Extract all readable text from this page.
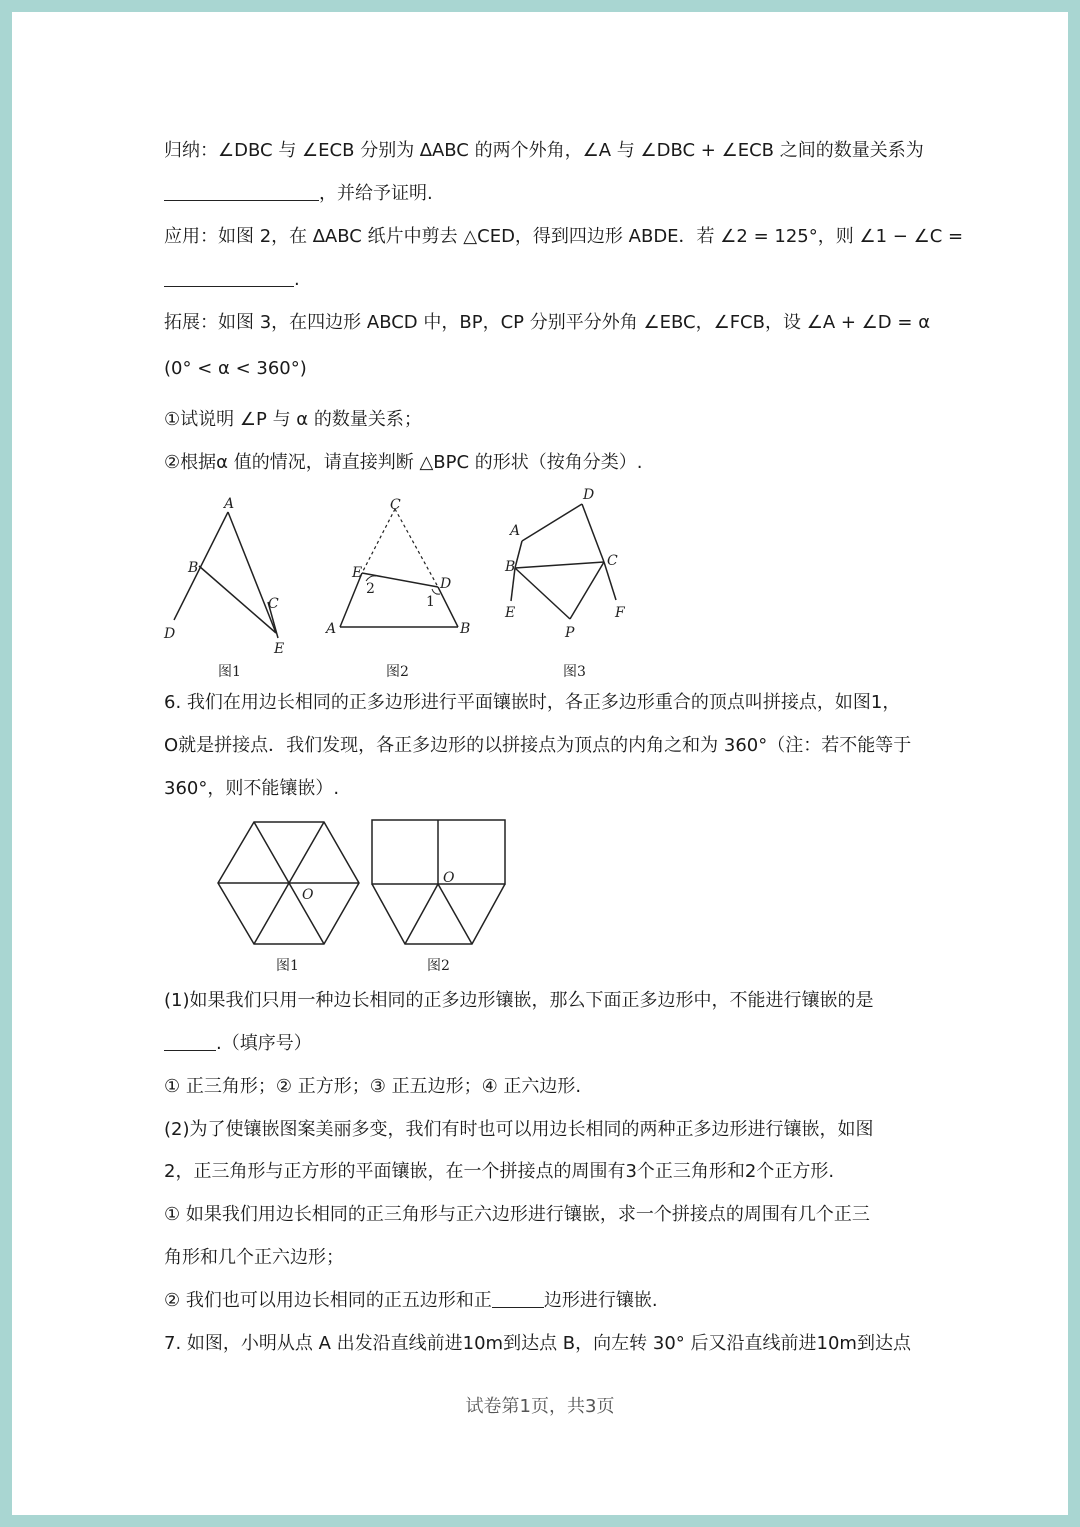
归纳：∠DBC 与 ∠ECB 分别为 ∆ABC 的两个外角，∠A 与 ∠DBC + ∠ECB 之间的数量关系为
，并给予证明.
应用：如图 2，在 ∆ABC 纸片中剪去 △CED，得到四边形 ABDE．若 ∠2 = 125°，则 ∠1 − ∠C =
.
拓展：如图 3，在四边形 ABCD 中，BP，CP 分别平分外角 ∠EBC，∠FCB，设 ∠A + ∠D = α
(0° < α < 360°)
①试说明 ∠P 与 α 的数量关系；
②根据α 值的情况，请直接判断 △BPC 的形状（按角分类）.
A
B
C
D
E
图1
C
E
D
A	B
2
1
图2
D
A
B	C
E	F
P
图3
6. 我们在用边长相同的正多边形进行平面镶嵌时，各正多边形重合的顶点叫拼接点，如图1，
O就是拼接点．我们发现，各正多边形的以拼接点为顶点的内角之和为 360°（注：若不能等于
360°，则不能镶嵌）.
O
图1
O
图2
(1)如果我们只用一种边长相同的正多边形镶嵌，那么下面正多边形中，不能进行镶嵌的是
.（填序号）
① 正三角形；② 正方形；③ 正五边形；④ 正六边形.
(2)为了使镶嵌图案美丽多变，我们有时也可以用边长相同的两种正多边形进行镶嵌，如图
2，正三角形与正方形的平面镶嵌，在一个拼接点的周围有3个正三角形和2个正方形.
① 如果我们用边长相同的正三角形与正六边形进行镶嵌，求一个拼接点的周围有几个正三
角形和几个正六边形；
② 我们也可以用边长相同的正五边形和正	边形进行镶嵌.
7. 如图，小明从点 A 出发沿直线前进10m到达点 B，向左转 30° 后又沿直线前进10m到达点
试卷第1页，共3页
